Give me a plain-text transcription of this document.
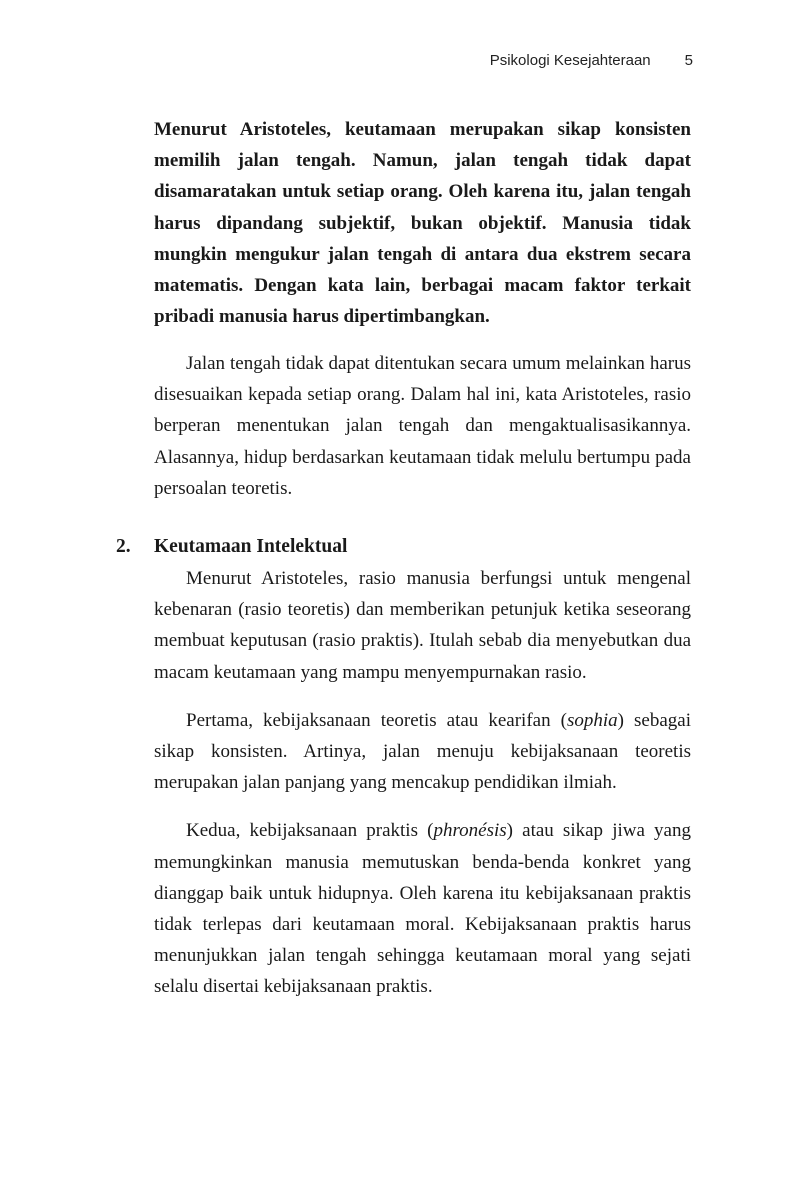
Psikologi Kesejahteraan 5

Menurut Aristoteles, keutamaan merupakan sikap konsisten memilih jalan tengah. Namun, jalan tengah tidak dapat disamaratakan untuk setiap orang. Oleh karena itu, jalan tengah harus dipandang subjektif, bukan objektif. Manusia tidak mungkin mengukur jalan tengah di antara dua ekstrem secara matematis. Dengan kata lain, berbagai macam faktor terkait pribadi manusia harus dipertimbangkan.

Jalan tengah tidak dapat ditentukan secara umum melainkan harus disesuaikan kepada setiap orang. Dalam hal ini, kata Aristoteles, rasio berperan menentukan jalan tengah dan mengaktualisasikannya. Alasannya, hidup berdasarkan keutamaan tidak melulu bertumpu pada persoalan teoretis.

2.	Keutamaan Intelektual

Menurut Aristoteles, rasio manusia berfungsi untuk mengenal kebenaran (rasio teoretis) dan memberikan petunjuk ketika seseorang membuat keputusan (rasio praktis). Itulah sebab dia menyebutkan dua macam keutamaan yang mampu menyempurnakan rasio.

Pertama, kebijaksanaan teoretis atau kearifan (sophia) sebagai sikap konsisten. Artinya, jalan menuju kebijaksanaan teoretis merupakan jalan panjang yang mencakup pendidikan ilmiah.

Kedua, kebijaksanaan praktis (phronésis) atau sikap jiwa yang memungkinkan manusia memutuskan benda-benda konkret yang dianggap baik untuk hidupnya. Oleh karena itu kebijaksanaan praktis tidak terlepas dari keutamaan moral. Kebijaksanaan praktis harus menunjukkan jalan tengah sehingga keutamaan moral yang sejati selalu disertai kebijaksanaan praktis.
